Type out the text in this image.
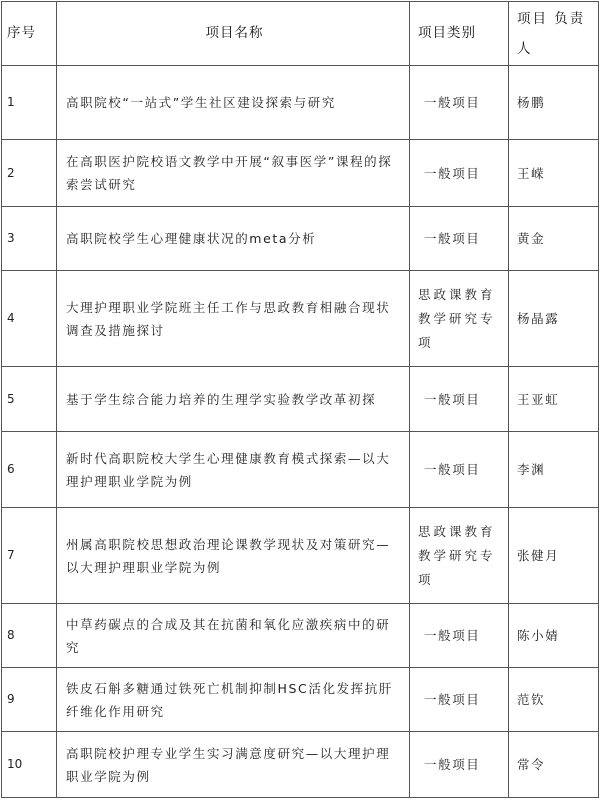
序号	项目名称	项目类别	项目 负责人
1	高职院校“一站式”学生社区建设探索与研究	一般项目	杨鹏
2	在高职医护院校语文教学中开展“叙事医学”课程的探索尝试研究	一般项目	王嵘
3	高职院校学生心理健康状况的meta分析	一般项目	黄金
4	大理护理职业学院班主任工作与思政教育相融合现状调查及措施探讨	思政课教育教学研究专项	杨晶露
5	基于学生综合能力培养的生理学实验教学改革初探	一般项目	王亚虹
6	新时代高职院校大学生心理健康教育模式探索—以大理护理职业学院为例	一般项目	李渊
7	州属高职院校思想政治理论课教学现状及对策研究—以大理护理职业学院为例	思政课教育教学研究专项	张健月
8	中草药碳点的合成及其在抗菌和氧化应激疾病中的研究	一般项目	陈小婧
9	铁皮石斛多糖通过铁死亡机制抑制HSC活化发挥抗肝纤维化作用研究	一般项目	范钦
10	高职院校护理专业学生实习满意度研究—以大理护理职业学院为例	一般项目	常令
